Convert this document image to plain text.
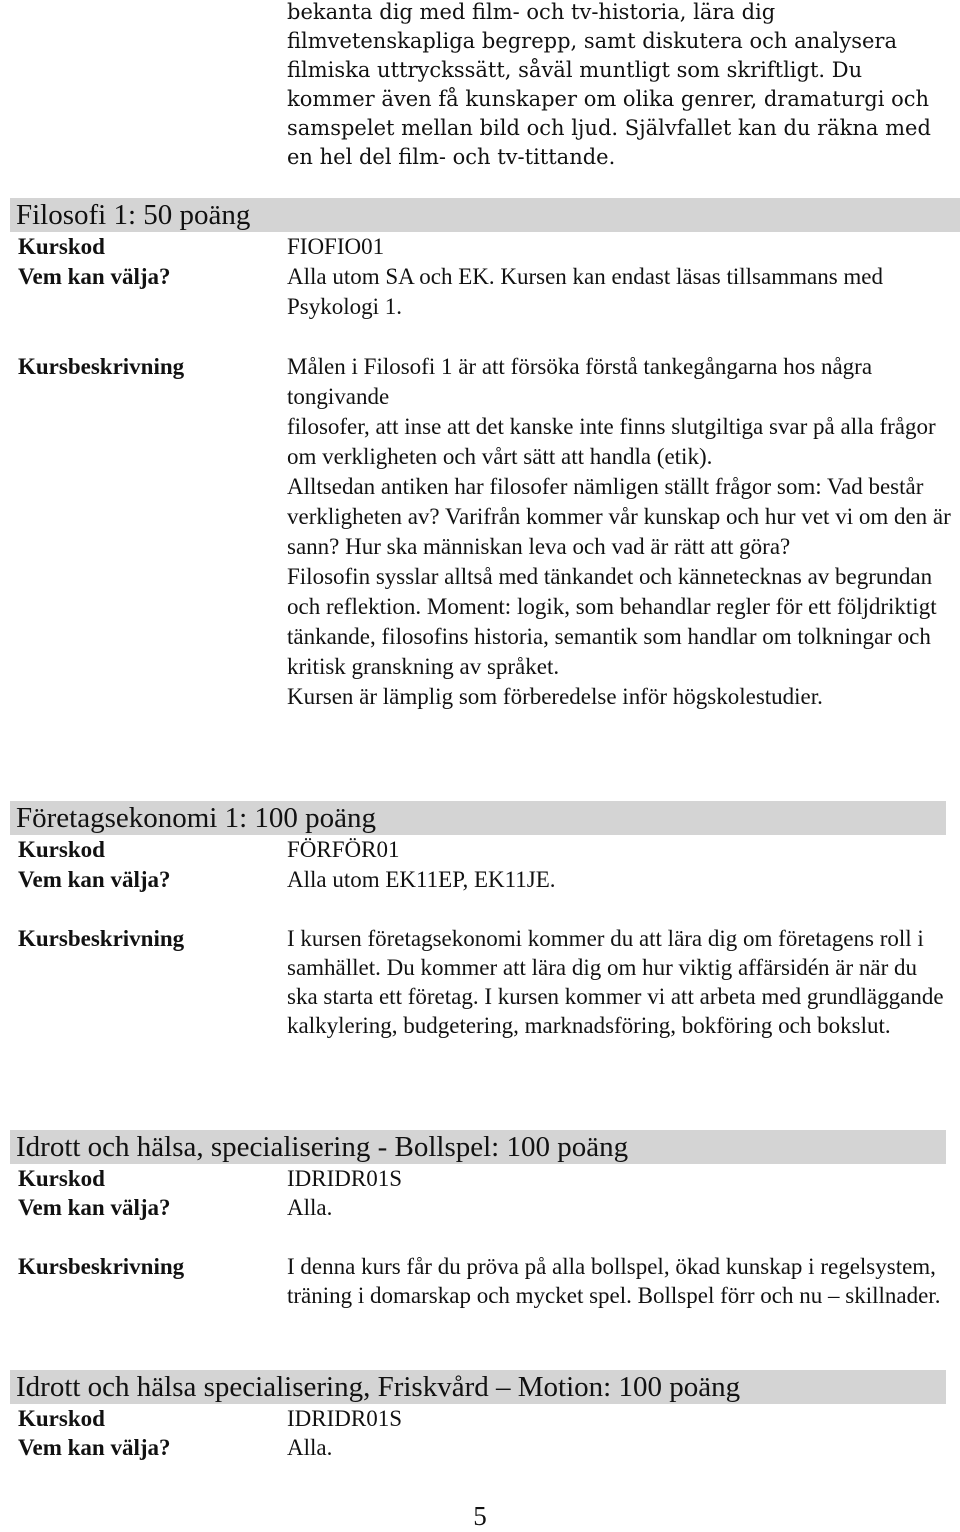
bekanta dig med film- och tv-historia, lära dig filmvetenskapliga begrepp, samt diskutera och analysera filmiska uttryckssätt, såväl muntligt som skriftligt. Du kommer även få kunskaper om olika genrer, dramaturgi och samspelet mellan bild och ljud. Självfallet kan du räkna med en hel del film- och tv-tittande.

Filosofi 1: 50 poäng
Kurskod	FIOFIO01
Vem kan välja?	Alla utom SA och EK. Kursen kan endast läsas tillsammans med Psykologi 1.
Kursbeskrivning	Målen i Filosofi 1 är att försöka förstå tankegångarna hos några tongivande

filosofer, att inse att det kanske inte finns slutgiltiga svar på alla frågor om verkligheten och vårt sätt att handla (etik).

Alltsedan antiken har filosofer nämligen ställt frågor som: Vad består verkligheten av? Varifrån kommer vår kunskap och hur vet vi om den är sann? Hur ska människan leva och vad är rätt att göra?

Filosofin sysslar alltså med tänkandet och kännetecknas av begrundan och reflektion. Moment: logik, som behandlar regler för ett följdriktigt tänkande, filosofins historia, semantik som handlar om tolkningar och kritisk granskning av språket.

Kursen är lämplig som förberedelse inför högskolestudier.

Företagsekonomi 1: 100 poäng
Kurskod	FÖRFÖR01
Vem kan välja?	Alla utom EK11EP, EK11JE.
Kursbeskrivning	I kursen företagsekonomi kommer du att lära dig om företagens roll i samhället. Du kommer att lära dig om hur viktig affärsidén är när du ska starta ett företag. I kursen kommer vi att arbeta med grundläggande kalkylering, budgetering, marknadsföring, bokföring och bokslut.

Idrott och hälsa, specialisering - Bollspel: 100 poäng
Kurskod	IDRIDR01S
Vem kan välja?	Alla.
Kursbeskrivning	I denna kurs får du pröva på alla bollspel, ökad kunskap i regelsystem, träning i domarskap och mycket spel. Bollspel förr och nu – skillnader.

Idrott och hälsa specialisering, Friskvård – Motion: 100 poäng
Kurskod	IDRIDR01S
Vem kan välja?	Alla.
5
